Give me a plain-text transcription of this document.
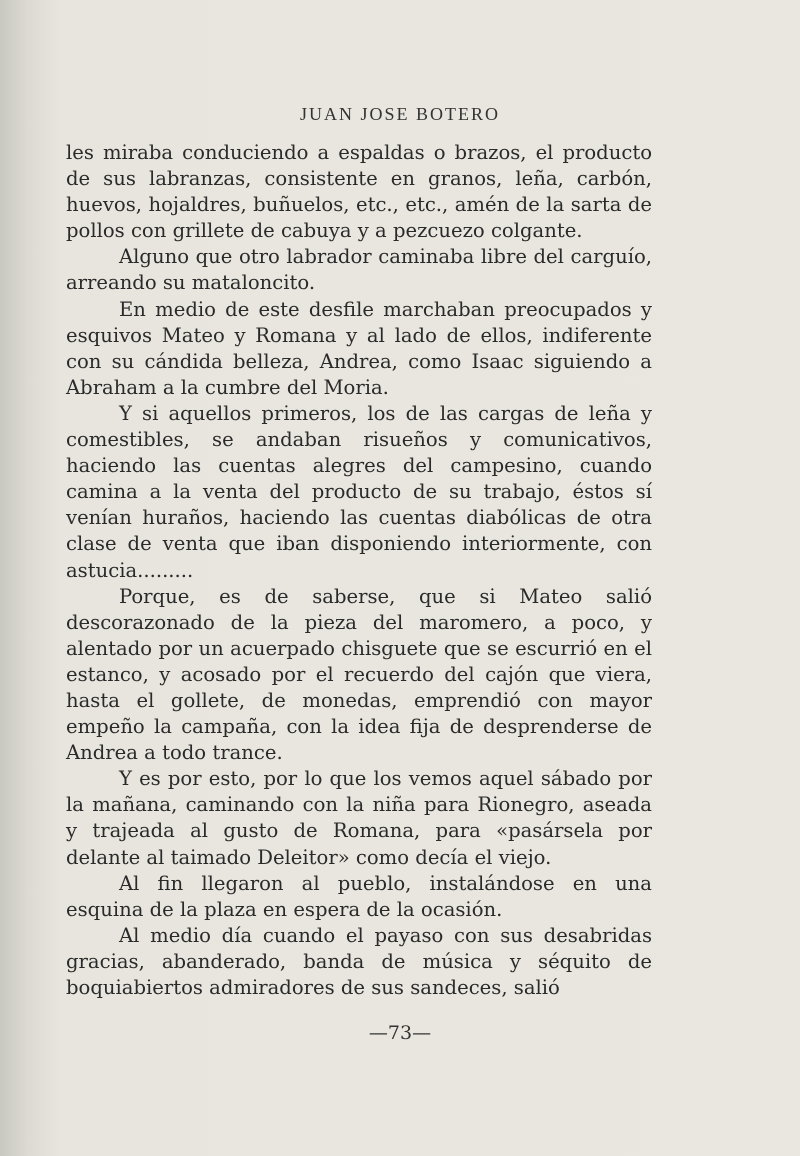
JUAN JOSE BOTERO

les miraba conduciendo a espaldas o brazos, el producto de sus labranzas, consistente en granos, leña, carbón, huevos, hojaldres, buñuelos, etc., etc., amén de la sarta de pollos con grillete de cabuya y a pezcuezo colgante.

Alguno que otro labrador caminaba libre del carguío, arreando su mataloncito.

En medio de este desfile marchaban preocupados y esquivos Mateo y Romana y al lado de ellos, indiferente con su cándida belleza, Andrea, como Isaac siguiendo a Abraham a la cumbre del Moria.

Y si aquellos primeros, los de las cargas de leña y comestibles, se andaban risueños y comunicativos, haciendo las cuentas alegres del campesino, cuando camina a la venta del producto de su trabajo, éstos sí venían huraños, haciendo las cuentas diabólicas de otra clase de venta que iban disponiendo interiormente, con astucia.........

Porque, es de saberse, que si Mateo salió descorazonado de la pieza del maromero, a poco, y alentado por un acuerpado chisguete que se escurrió en el estanco, y acosado por el recuerdo del cajón que viera, hasta el gollete, de monedas, emprendió con mayor empeño la campaña, con la idea fija de desprenderse de Andrea a todo trance.

Y es por esto, por lo que los vemos aquel sábado por la mañana, caminando con la niña para Rionegro, aseada y trajeada al gusto de Romana, para «pasársela por delante al taimado Deleitor» como decía el viejo.

Al fin llegaron al pueblo, instalándose en una esquina de la plaza en espera de la ocasión.

Al medio día cuando el payaso con sus desabridas gracias, abanderado, banda de música y séquito de boquiabiertos admiradores de sus sandeces, salió

—73—
